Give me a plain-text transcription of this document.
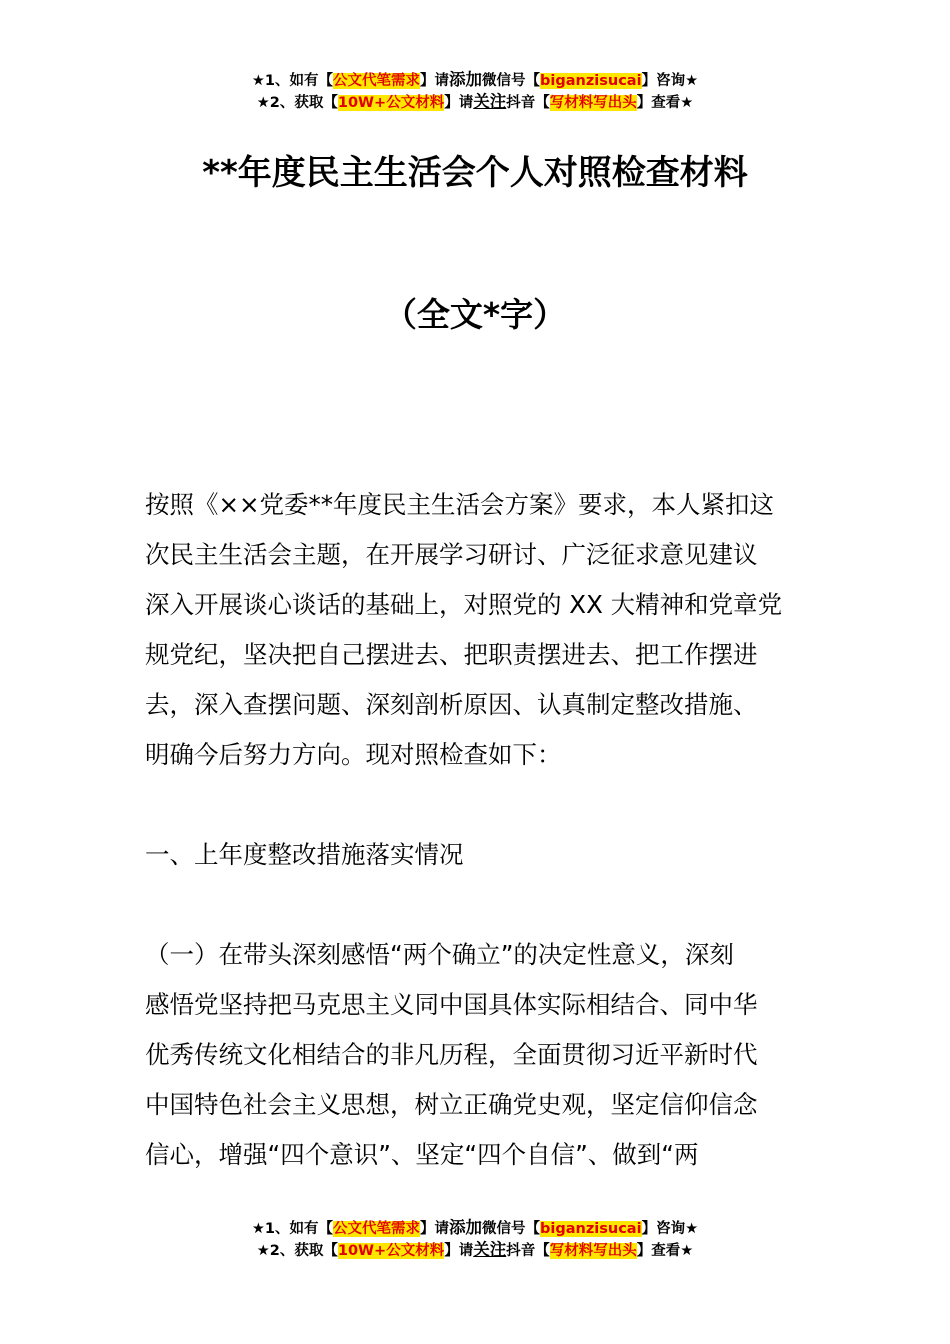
★1、如有【公文代笔需求】请添加微信号【biganzisucai】咨询★
★2、获取【10W+公文材料】请关注抖音【写材料写出头】查看★
**年度民主生活会个人对照检查材料
（全文*字）
按照《××党委**年度民主生活会方案》要求，本人紧扣这
次民主生活会主题，在开展学习研讨、广泛征求意见建议
深入开展谈心谈话的基础上，对照党的 XX 大精神和党章党
规党纪，坚决把自己摆进去、把职责摆进去、把工作摆进
去，深入查摆问题、深刻剖析原因、认真制定整改措施、
明确今后努力方向。现对照检查如下：
一、上年度整改措施落实情况
（一）在带头深刻感悟“两个确立”的决定性意义，深刻
感悟党坚持把马克思主义同中国具体实际相结合、同中华
优秀传统文化相结合的非凡历程，全面贯彻习近平新时代
中国特色社会主义思想，树立正确党史观，坚定信仰信念
信心，增强“四个意识”、坚定“四个自信”、做到“两
★1、如有【公文代笔需求】请添加微信号【biganzisucai】咨询★
★2、获取【10W+公文材料】请关注抖音【写材料写出头】查看★
